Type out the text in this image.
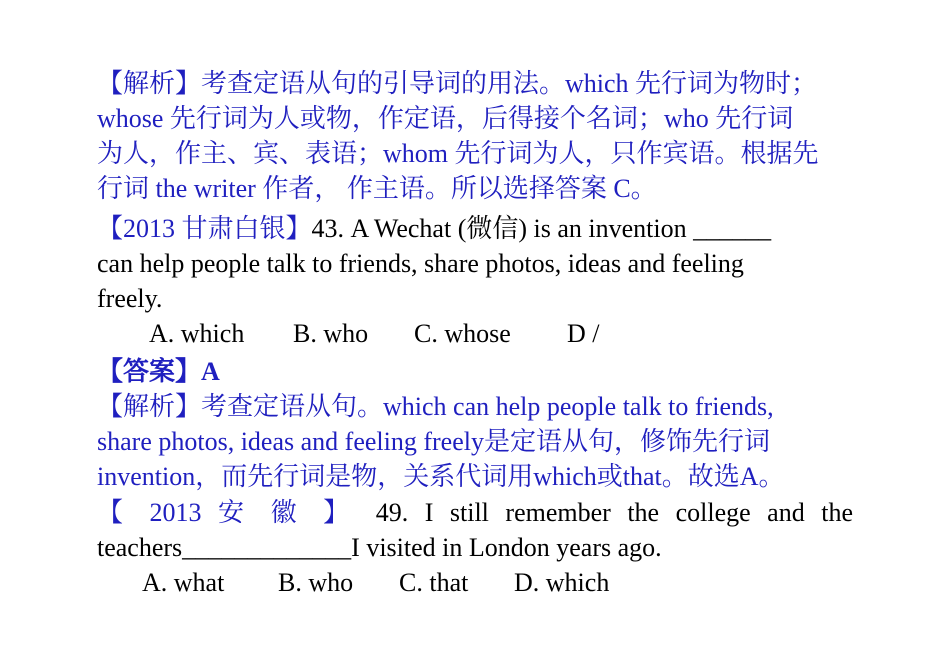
【解析】考查定语从句的引导词的用法。which 先行词为物时；
whose 先行词为人或物，作定语，后得接个名词；who 先行词
为人，作主、宾、表语；whom 先行词为人，只作宾语。根据先
行词 the writer 作者， 作主语。所以选择答案 C。
【2013 甘肃白银】43. A Wechat (微信) is an invention ______
can help people talk to friends, share photos, ideas and feeling
freely.
A. which B. who C. whose D /
【答案】A
【解析】考查定语从句。which can help people talk to friends,
share photos, ideas and feeling freely是定语从句，修饰先行词
invention，而先行词是物，关系代词用which或that。故选A。
【 2013 安 徽 】 49. I still remember the college and the
teachers_____________I visited in London years ago.
A. what B. who C. that D. which
